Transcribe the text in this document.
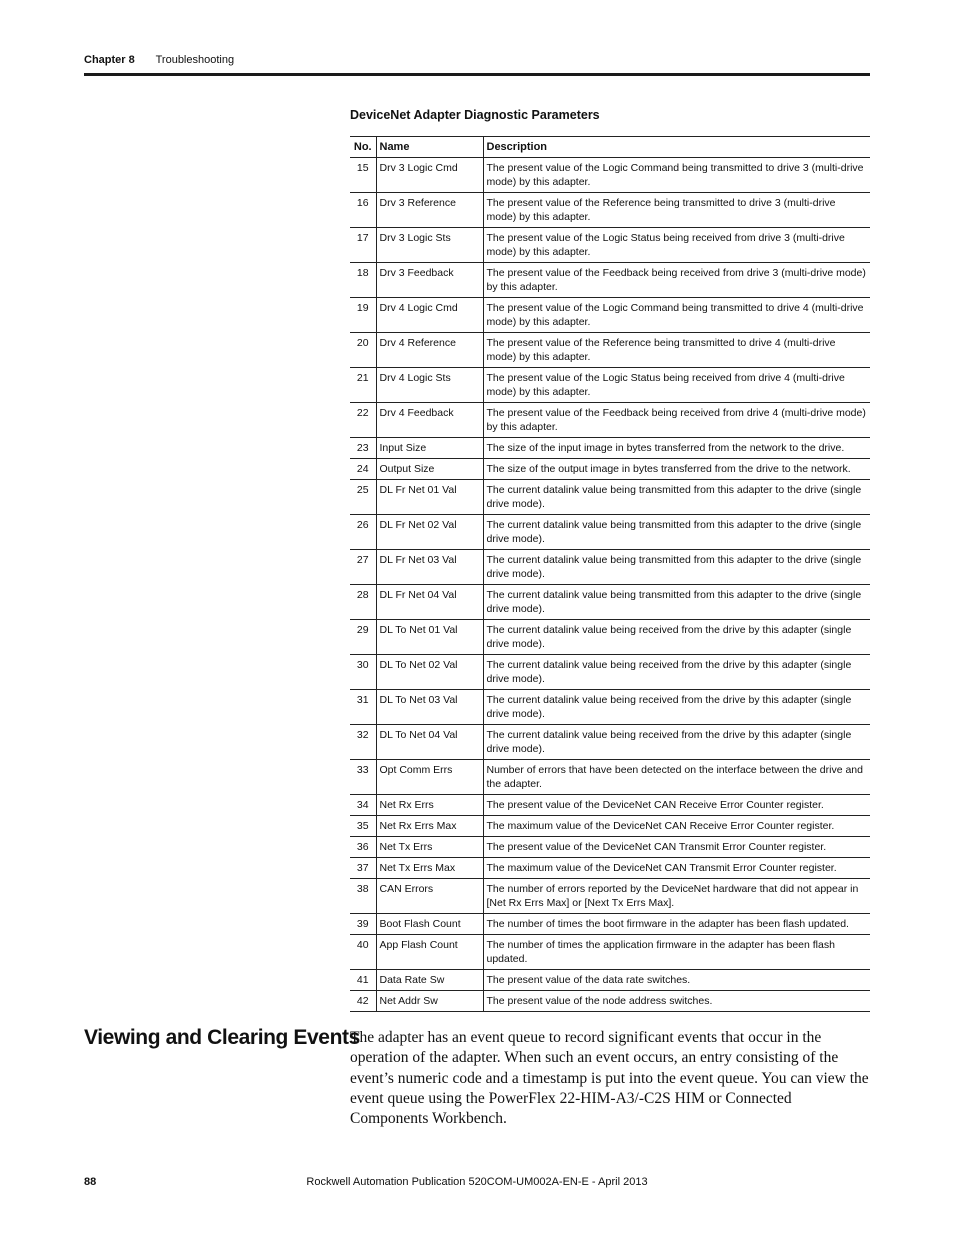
Chapter 8 Troubleshooting
DeviceNet Adapter Diagnostic Parameters
No.	Name	Description
15	Drv 3 Logic Cmd	The present value of the Logic Command being transmitted to drive 3 (multi-drive mode) by this adapter.
16	Drv 3 Reference	The present value of the Reference being transmitted to drive 3 (multi-drive mode) by this adapter.
17	Drv 3 Logic Sts	The present value of the Logic Status being received from drive 3 (multi-drive mode) by this adapter.
18	Drv 3 Feedback	The present value of the Feedback being received from drive 3 (multi-drive mode) by this adapter.
19	Drv 4 Logic Cmd	The present value of the Logic Command being transmitted to drive 4 (multi-drive mode) by this adapter.
20	Drv 4 Reference	The present value of the Reference being transmitted to drive 4 (multi-drive mode) by this adapter.
21	Drv 4 Logic Sts	The present value of the Logic Status being received from drive 4 (multi-drive mode) by this adapter.
22	Drv 4 Feedback	The present value of the Feedback being received from drive 4 (multi-drive mode) by this adapter.
23	Input Size	The size of the input image in bytes transferred from the network to the drive.
24	Output Size	The size of the output image in bytes transferred from the drive to the network.
25	DL Fr Net 01 Val	The current datalink value being transmitted from this adapter to the drive (single drive mode).
26	DL Fr Net 02 Val	The current datalink value being transmitted from this adapter to the drive (single drive mode).
27	DL Fr Net 03 Val	The current datalink value being transmitted from this adapter to the drive (single drive mode).
28	DL Fr Net 04 Val	The current datalink value being transmitted from this adapter to the drive (single drive mode).
29	DL To Net 01 Val	The current datalink value being received from the drive by this adapter (single drive mode).
30	DL To Net 02 Val	The current datalink value being received from the drive by this adapter (single drive mode).
31	DL To Net 03 Val	The current datalink value being received from the drive by this adapter (single drive mode).
32	DL To Net 04 Val	The current datalink value being received from the drive by this adapter (single drive mode).
33	Opt Comm Errs	Number of errors that have been detected on the interface between the drive and the adapter.
34	Net Rx Errs	The present value of the DeviceNet CAN Receive Error Counter register.
35	Net Rx Errs Max	The maximum value of the DeviceNet CAN Receive Error Counter register.
36	Net Tx Errs	The present value of the DeviceNet CAN Transmit Error Counter register.
37	Net Tx Errs Max	The maximum value of the DeviceNet CAN Transmit Error Counter register.
38	CAN Errors	The number of errors reported by the DeviceNet hardware that did not appear in [Net Rx Errs Max] or [Next Tx Errs Max].
39	Boot Flash Count	The number of times the boot firmware in the adapter has been flash updated.
40	App Flash Count	The number of times the application firmware in the adapter has been flash updated.
41	Data Rate Sw	The present value of the data rate switches.
42	Net Addr Sw	The present value of the node address switches.
Viewing and Clearing Events
The adapter has an event queue to record significant events that occur in the operation of the adapter. When such an event occurs, an entry consisting of the event’s numeric code and a timestamp is put into the event queue. You can view the event queue using the PowerFlex 22-HIM-A3/-C2S HIM or Connected Components Workbench.
88	Rockwell Automation Publication 520COM-UM002A-EN-E - April 2013
